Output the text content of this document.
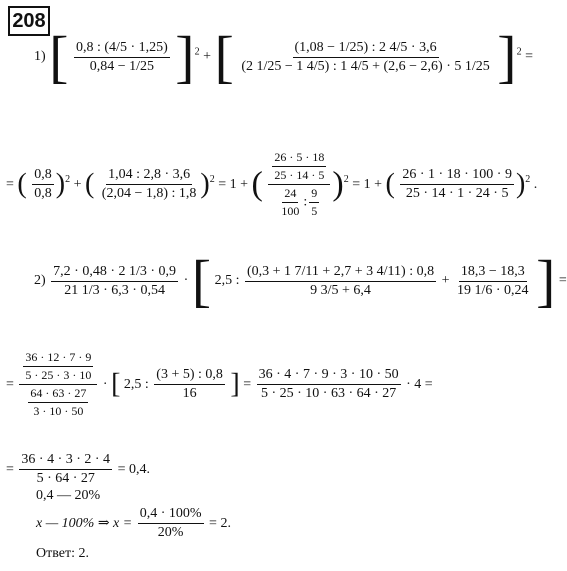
208
1) [ $\frac{0,8 : (4/5 \cdot 1,25)}{0,84 - 1/25} ]^2$ + [ $\frac{(1,08 - 1/25) : 2 4/5 \cdot 3,6}{(2 1/25 - 1 4/5) : 1 4/5 + (2,6 - 2,6) \cdot 5 1/25} ]^2$ =
= ( $\frac{0,8}{0,8} )^2$ + ( $\frac{1,04 : 2,8 \cdot 3,6}{(2,04 - 1,8) : 1,8} )^2 = 1$ + ( $\frac{\frac{26 \cdot 5 \cdot 18}{25 \cdot 14 \cdot 5}}{\frac{24}{100} : \frac{9}{5}} )^2 = 1$ + ( $\frac{26 \cdot 1 \cdot 18 \cdot 100 \cdot 9}{25 \cdot 14 \cdot 1 \cdot 24 \cdot 5} )^2$ .
$2) \frac{7,2 \cdot 0,48 \cdot 2 1/3 \cdot 0,9}{21 1/3 \cdot 6,3 \cdot 0,54}$ · [ 2,5 : $\frac{(0,3 + 1 7/11 + 2,7 + 3 4/11) : 0,8}{9 3/5 + 6,4} + \frac{18,3 - 18,3}{19 1/6 \cdot 0,24}$ ] =
= $\frac{\frac{36 \cdot 12 \cdot 7 \cdot 9}{5 \cdot 25 \cdot 3 \cdot 10}}{\frac{64 \cdot 63 \cdot 27}{3 \cdot 10 \cdot 50}}$ · [ 2,5 : $\frac{(3 + 5) : 0,8}{16}$ ] = $\frac{36 \cdot 4 \cdot 7 \cdot 9 \cdot 3 \cdot 10 \cdot 50}{5 \cdot 25 \cdot 10 \cdot 63 \cdot 64 \cdot 27} \cdot 4$ =
= $\frac{36 \cdot 4 \cdot 3 \cdot 2 \cdot 4}{5 \cdot 64 \cdot 27} = 0,4$.
0,4 — 20%
x — 100% ⇒ $x = \frac{0,4 \cdot 100\%}{20\%} = 2$.
Ответ: 2.
